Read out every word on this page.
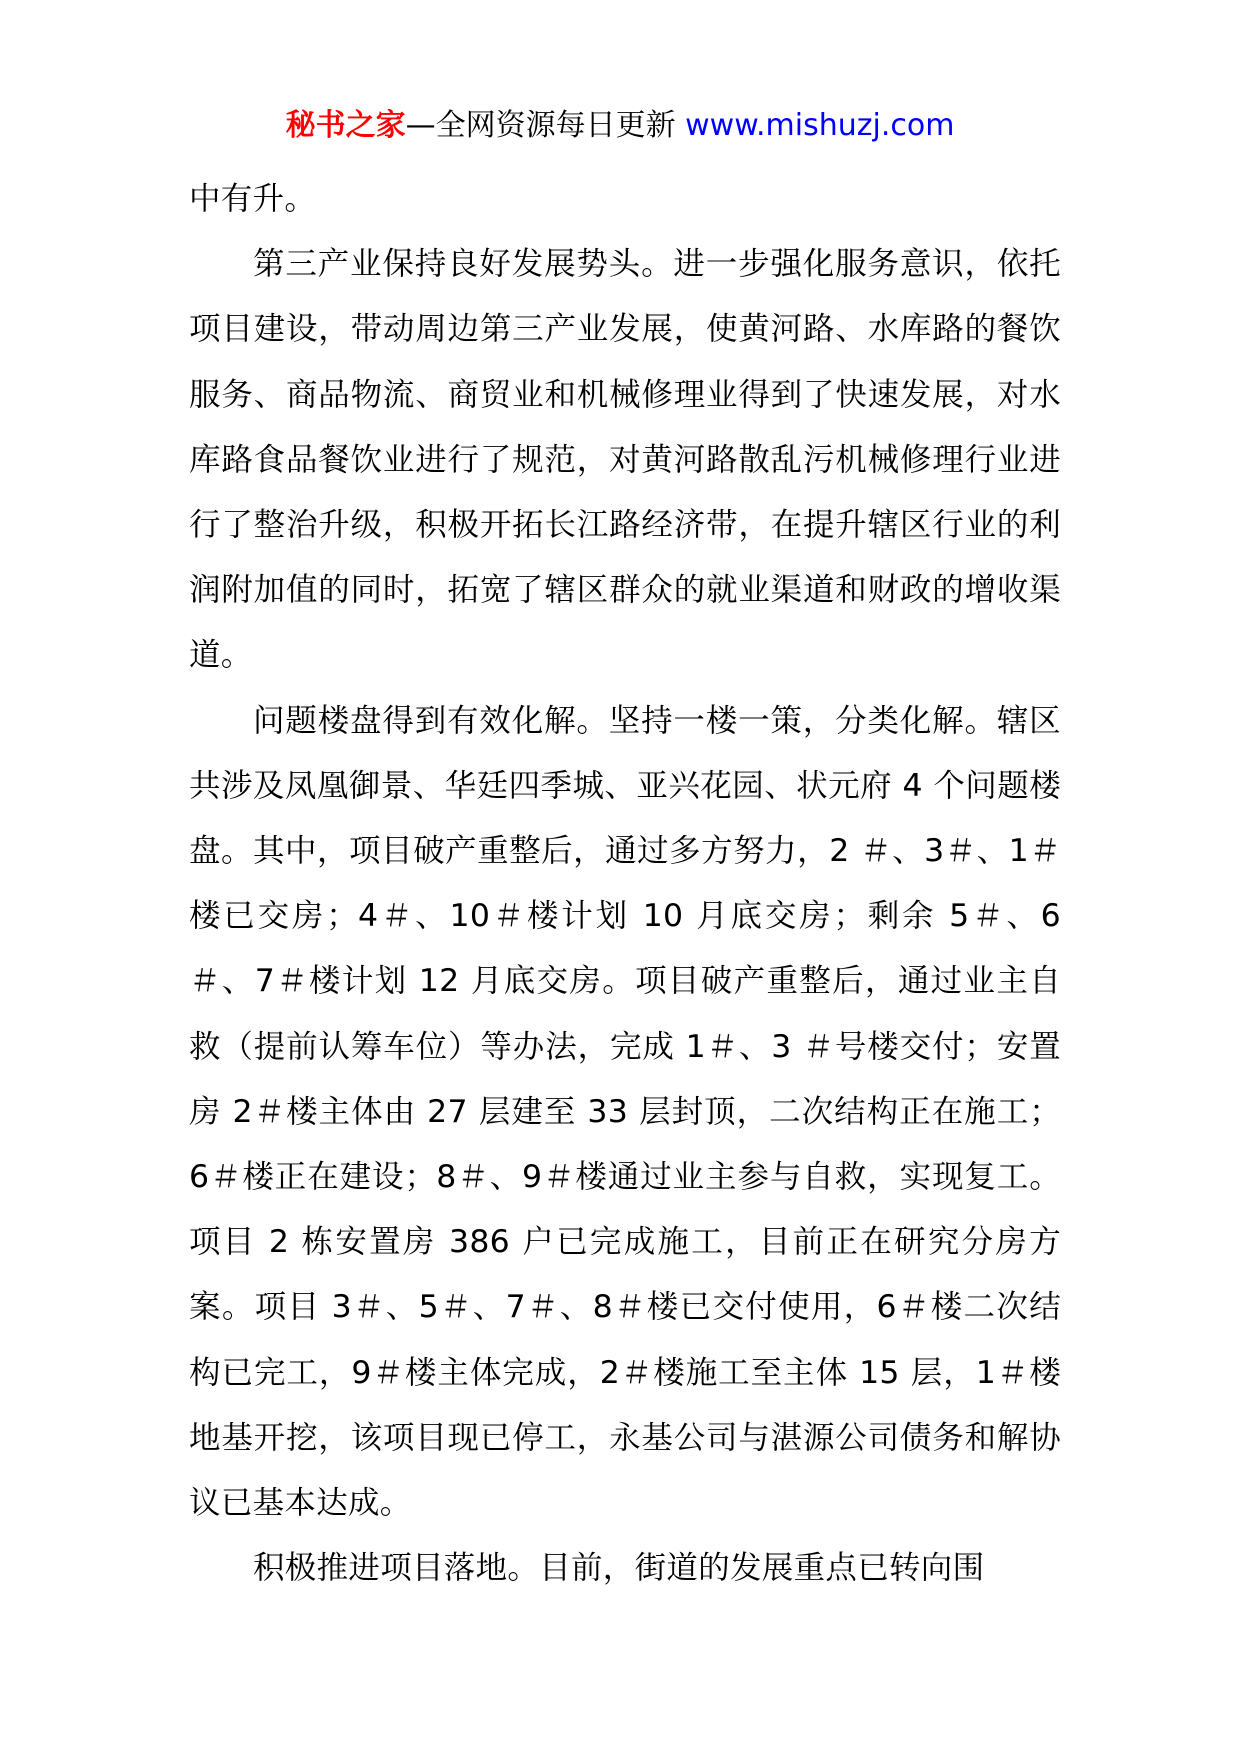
秘书之家—全网资源每日更新 www.mishuzj.com

中有升。

第三产业保持良好发展势头。进一步强化服务意识，依托项目建设，带动周边第三产业发展，使黄河路、水库路的餐饮服务、商品物流、商贸业和机械修理业得到了快速发展，对水库路食品餐饮业进行了规范，对黄河路散乱污机械修理行业进行了整治升级，积极开拓长江路经济带，在提升辖区行业的利润附加值的同时，拓宽了辖区群众的就业渠道和财政的增收渠道。

问题楼盘得到有效化解。坚持一楼一策，分类化解。辖区共涉及凤凰御景、华廷四季城、亚兴花园、状元府 4 个问题楼盘。其中，项目破产重整后，通过多方努力，2 ＃、3＃、1＃楼已交房；4＃、10＃楼计划 10 月底交房；剩余 5＃、6＃、7＃楼计划 12 月底交房。项目破产重整后，通过业主自救（提前认筹车位）等办法，完成 1＃、3 ＃号楼交付；安置房 2＃楼主体由 27 层建至 33 层封顶，二次结构正在施工；6＃楼正在建设；8＃、9＃楼通过业主参与自救，实现复工。项目 2 栋安置房 386 户已完成施工，目前正在研究分房方案。项目 3＃、5＃、7＃、8＃楼已交付使用，6＃楼二次结构已完工，9＃楼主体完成，2＃楼施工至主体 15 层，1＃楼地基开挖，该项目现已停工，永基公司与湛源公司债务和解协议已基本达成。

积极推进项目落地。目前，街道的发展重点已转向围
